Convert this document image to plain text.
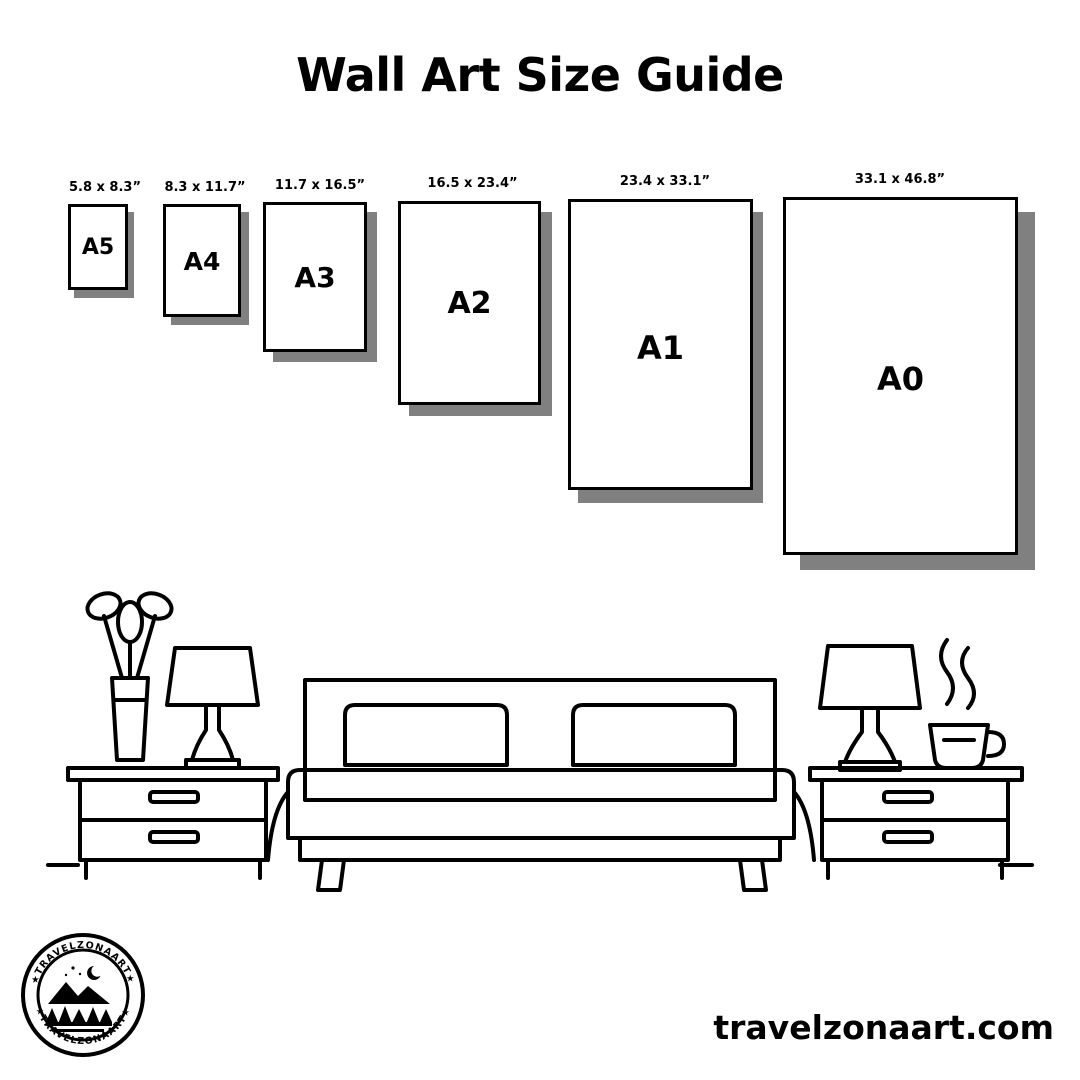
Wall Art Size Guide
5.8 x 8.3”
A5
8.3 x 11.7”
A4
11.7 x 16.5”
A3
16.5 x 23.4”
A2
23.4 x 33.1”
A1
33.1 x 46.8”
A0
★TRAVELZONAART★
★TRAVELZONAART★	travelzonaart.com
